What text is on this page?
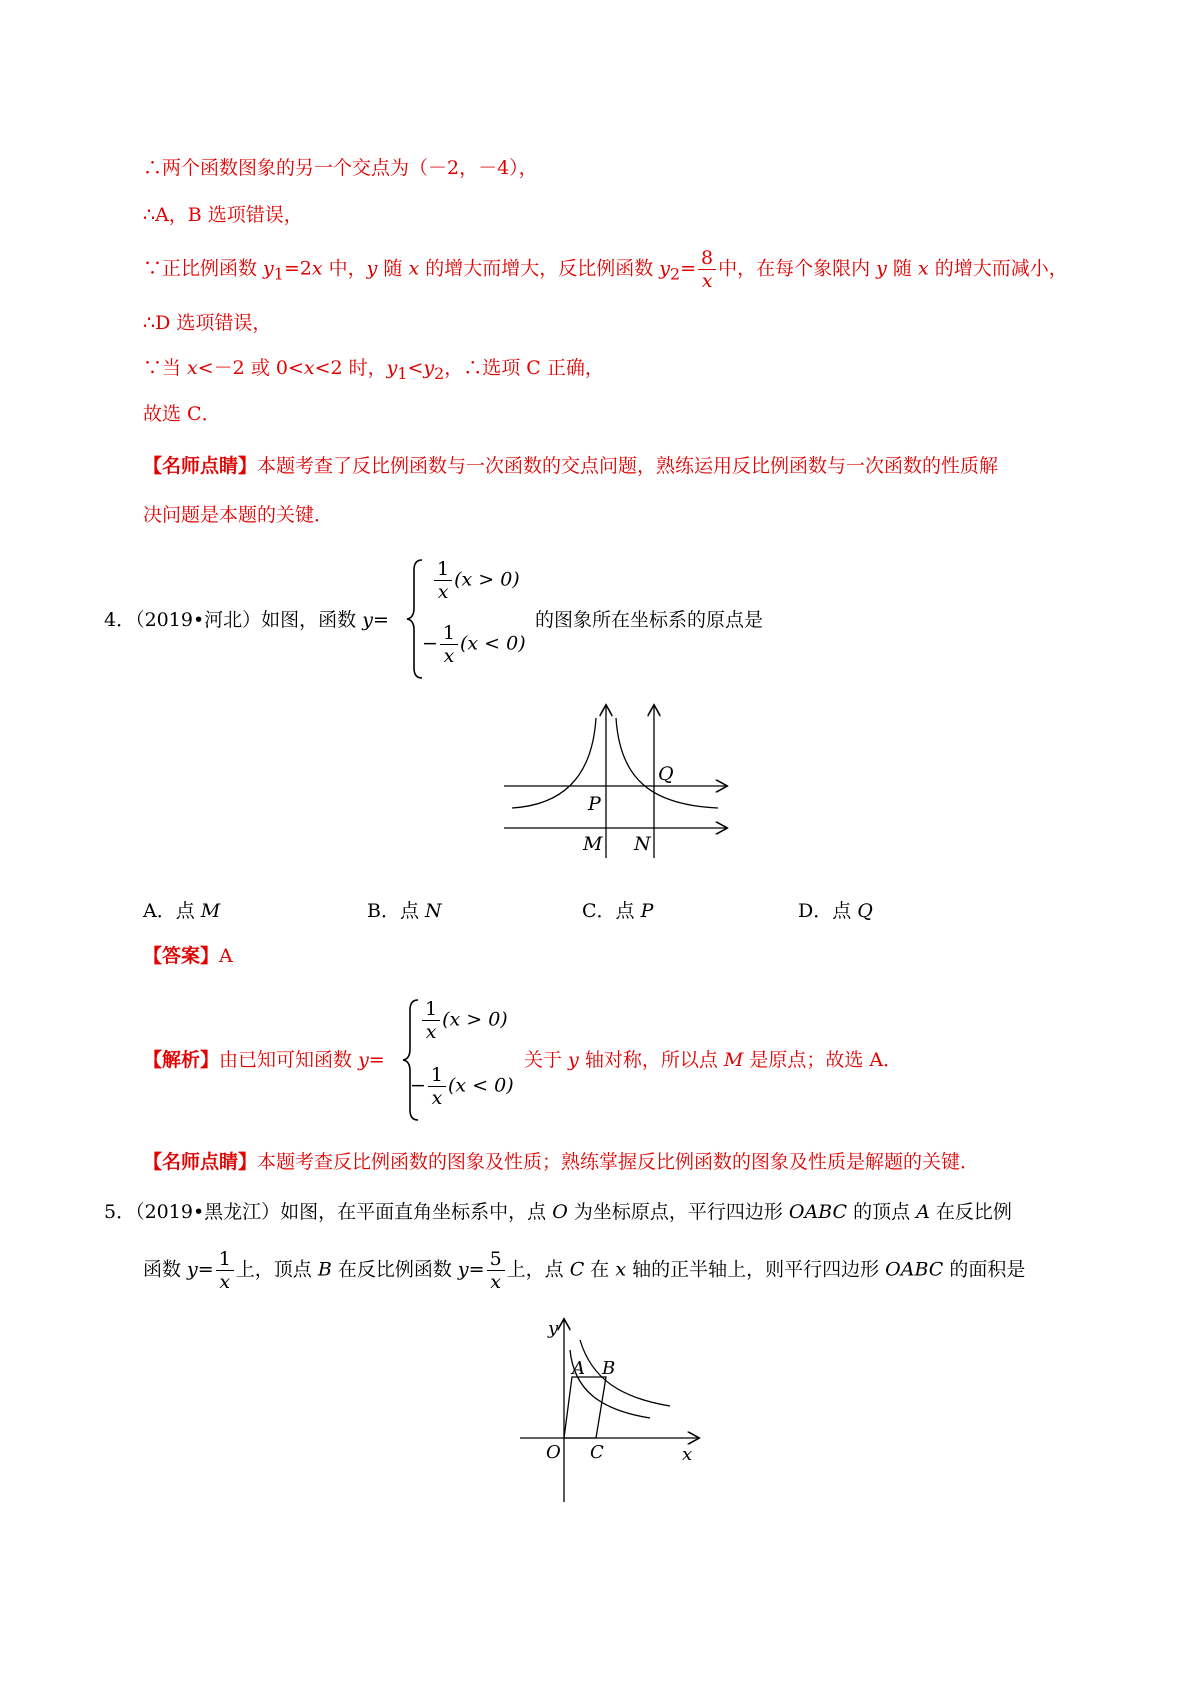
∴两个函数图象的另一个交点为（－2，－4），
∴A，B 选项错误，
∵正比例函数 $y_1=2x$ 中，y 随 x 的增大而增大，反比例函数 $y_2= \frac{8}{x}$ 中，在每个象限内 y 随 x 的增大而减小，
∴D 选项错误，
∵当 x<－2 或 0<x<2 时，$y_1<y_2$，∴选项 C 正确，
故选 C．
【名师点睛】本题考查了反比例函数与一次函数的交点问题，熟练运用反比例函数与一次函数的性质解
决问题是本题的关键．
4．（2019•河北）如图，函数 y=
$\frac{1}{x} (x > 0)$
− $\frac{1}{x} (x < 0)$
的图象所在坐标系的原点是
Q
P
M N
A．点 M	B．点 N	C．点 P	D．点 Q
【答案】A
【解析】由已知可知函数 y=
$\frac{1}{x} (x > 0)$
− $\frac{1}{x} (x < 0)$
关于 y 轴对称，所以点 M 是原点；故选 A．
【名师点睛】本题考查反比例函数的图象及性质；熟练掌握反比例函数的图象及性质是解题的关键．
5．（2019•黑龙江）如图，在平面直角坐标系中，点 O 为坐标原点，平行四边形 OABC 的顶点 A 在反比例
函数 $y= \frac{1}{x}$ 上，顶点 B 在反比例函数 $y= \frac{5}{x}$ 上，点 C 在 x 轴的正半轴上，则平行四边形 OABC 的面积是
y
A B
O C	x
